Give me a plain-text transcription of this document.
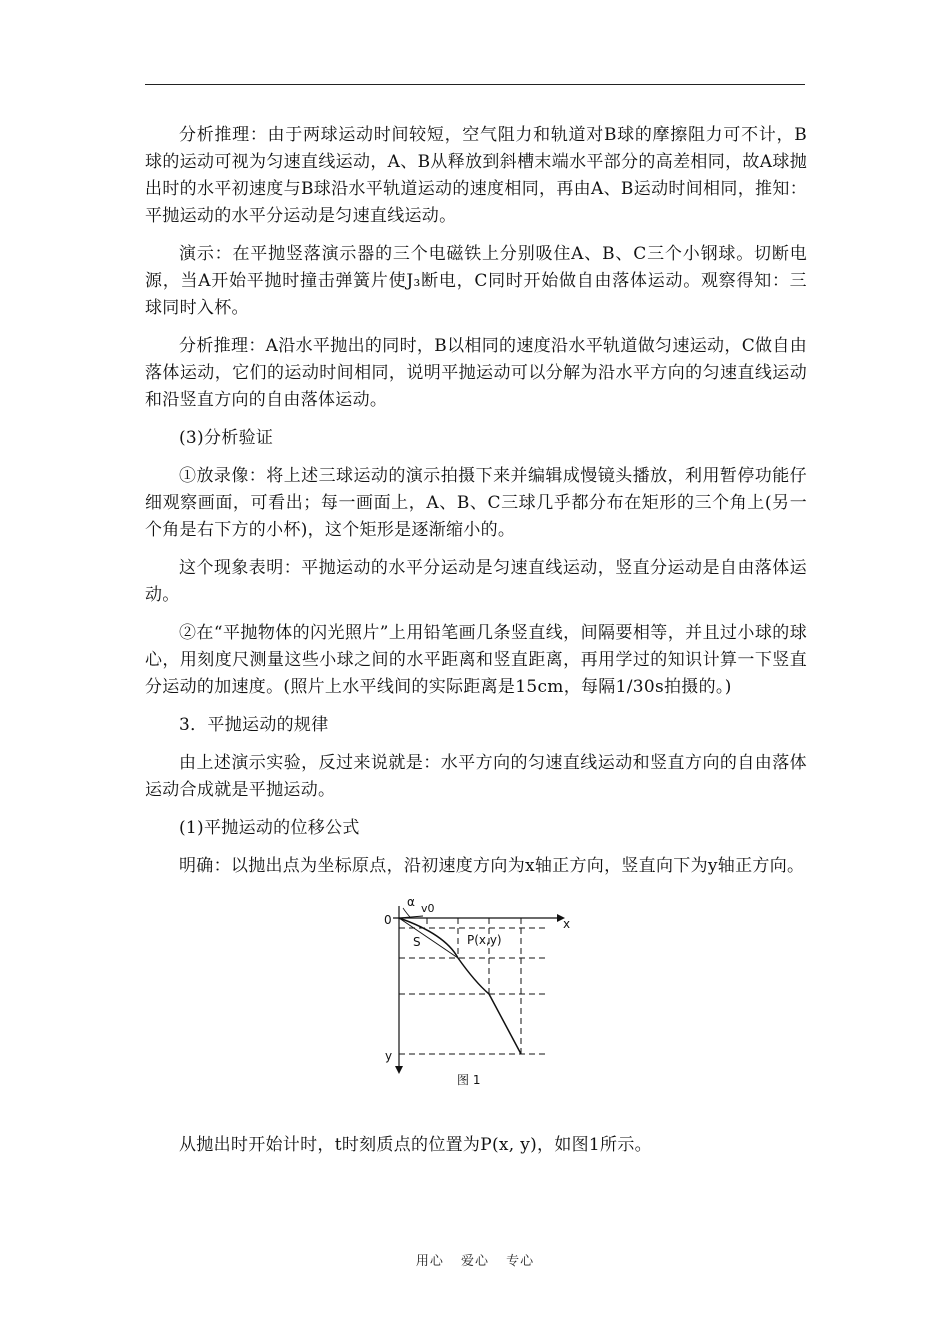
分析推理：由于两球运动时间较短，空气阻力和轨道对B球的摩擦阻力可不计，B球的运动可视为匀速直线运动，A、B从释放到斜槽末端水平部分的高差相同，故A球抛出时的水平初速度与B球沿水平轨道运动的速度相同，再由A、B运动时间相同，推知：平抛运动的水平分运动是匀速直线运动。

演示：在平抛竖落演示器的三个电磁铁上分别吸住A、B、C三个小钢球。切断电源，当A开始平抛时撞击弹簧片使J₃断电，C同时开始做自由落体运动。观察得知：三球同时入杯。

分析推理：A沿水平抛出的同时，B以相同的速度沿水平轨道做匀速运动，C做自由落体运动，它们的运动时间相同，说明平抛运动可以分解为沿水平方向的匀速直线运动和沿竖直方向的自由落体运动。

(3)分析验证

①放录像：将上述三球运动的演示拍摄下来并编辑成慢镜头播放，利用暂停功能仔细观察画面，可看出；每一画面上，A、B、C三球几乎都分布在矩形的三个角上(另一个角是右下方的小杯)，这个矩形是逐渐缩小的。

这个现象表明：平抛运动的水平分运动是匀速直线运动，竖直分运动是自由落体运动。

②在“平抛物体的闪光照片”上用铅笔画几条竖直线，间隔要相等，并且过小球的球心，用刻度尺测量这些小球之间的水平距离和竖直距离，再用学过的知识计算一下竖直分运动的加速度。(照片上水平线间的实际距离是15cm，每隔1/30s拍摄的。)

3．平抛运动的规律

由上述演示实验，反过来说就是：水平方向的匀速直线运动和竖直方向的自由落体运动合成就是平抛运动。

(1)平抛运动的位移公式

明确：以抛出点为坐标原点，沿初速度方向为x轴正方向，竖直向下为y轴正方向。

α v0
0	x
y
S	P(x,y)
图 1

从抛出时开始计时，t时刻质点的位置为P(x, y)，如图1所示。

用心 爱心 专心
